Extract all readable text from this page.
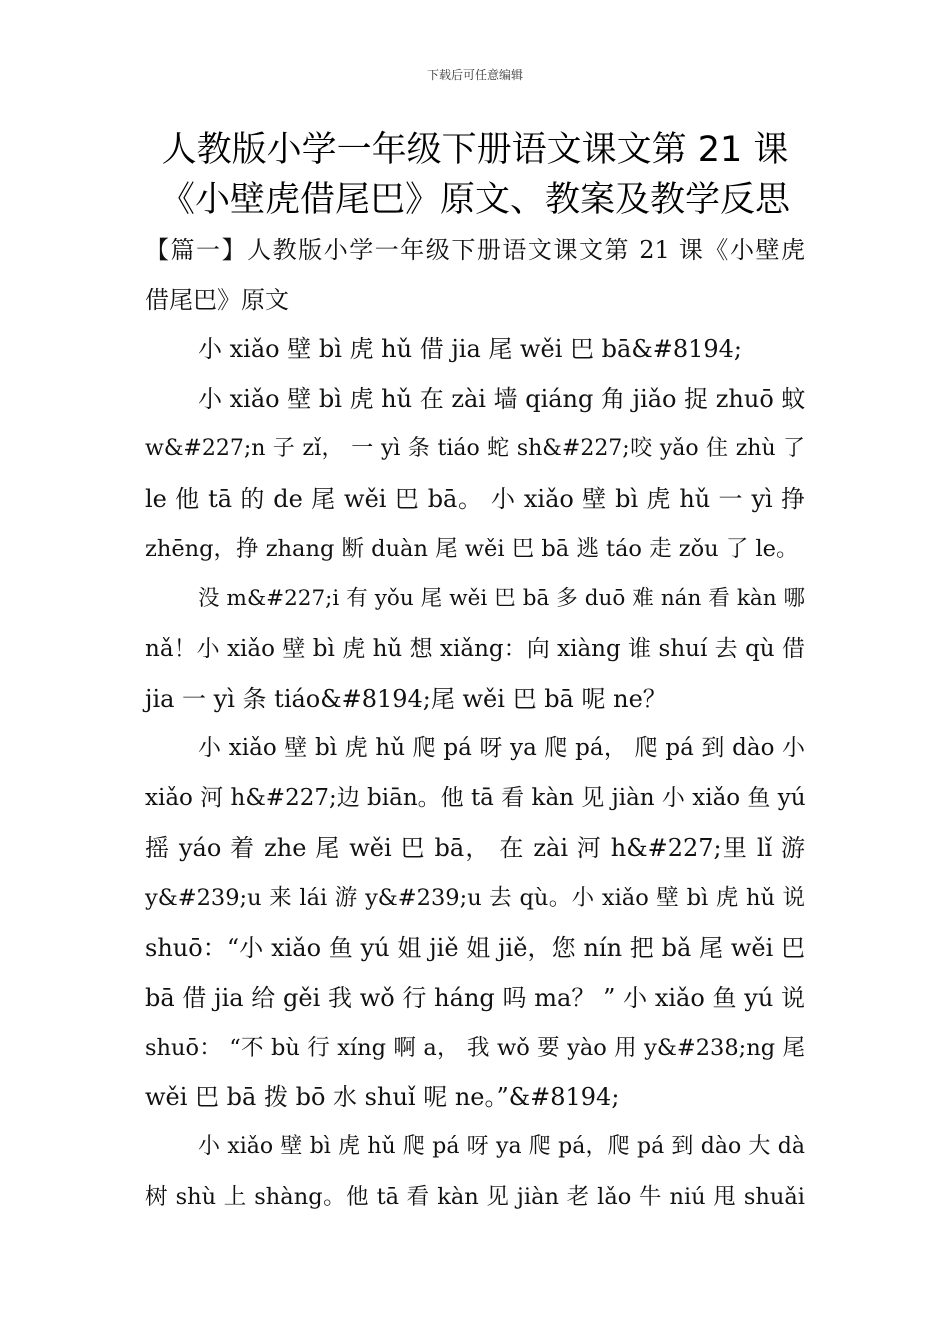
下载后可任意编辑
人教版小学一年级下册语文课文第 21 课
《小壁虎借尾巴》原文、教案及教学反思
【篇一】人教版小学一年级下册语文课文第 21 课《小壁虎
借尾巴》原文
小 xiǎo 壁 bì 虎 hǔ 借 jia 尾 wěi 巴 bā&#8194;
小 xiǎo 壁 bì 虎 hǔ 在 zài 墙 qiáng 角 jiǎo 捉 zhuō 蚊
w&#227;n 子 zǐ， 一 yì 条 tiáo 蛇 sh&#227;咬 yǎo 住 zhù 了
le 他 tā 的 de 尾 wěi 巴 bā。 小 xiǎo 壁 bì 虎 hǔ 一 yì 挣
zhēng，挣 zhang 断 duàn 尾 wěi 巴 bā 逃 táo 走 zǒu 了 le。
没 m&#227;i 有 yǒu 尾 wěi 巴 bā 多 duō 难 nán 看 kàn 哪
nǎ！小 xiǎo 壁 bì 虎 hǔ 想 xiǎng：向 xiàng 谁 shuí 去 qù 借
jia 一 yì 条 tiáo&#8194;尾 wěi 巴 bā 呢 ne？
小 xiǎo 壁 bì 虎 hǔ 爬 pá 呀 ya 爬 pá， 爬 pá 到 dào 小
xiǎo 河 h&#227;边 biān。他 tā 看 kàn 见 jiàn 小 xiǎo 鱼 yú
摇 yáo 着 zhe 尾 wěi 巴 bā， 在 zài 河 h&#227;里 lǐ 游
y&#239;u 来 lái 游 y&#239;u 去 qù。小 xiǎo 壁 bì 虎 hǔ 说
shuō：“小 xiǎo 鱼 yú 姐 jiě 姐 jiě，您 nín 把 bǎ 尾 wěi 巴
bā 借 jia 给 gěi 我 wǒ 行 háng 吗 ma？ ” 小 xiǎo 鱼 yú 说
shuō： “不 bù 行 xíng 啊 a， 我 wǒ 要 yào 用 y&#238;ng 尾
wěi 巴 bā 拨 bō 水 shuǐ 呢 ne。”&#8194;
小 xiǎo 壁 bì 虎 hǔ 爬 pá 呀 ya 爬 pá，爬 pá 到 dào 大 dà
树 shù 上 shàng。他 tā 看 kàn 见 jiàn 老 lǎo 牛 niú 甩 shuǎi
